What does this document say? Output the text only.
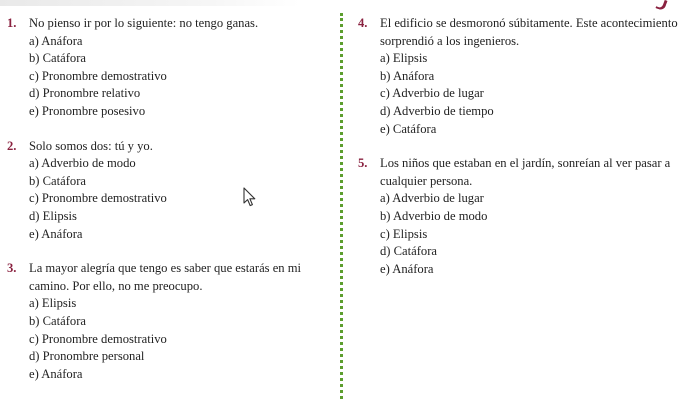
1. No pienso ir por lo siguiente: no tengo ganas.
a) Anáfora
b) Catáfora
c) Pronombre demostrativo
d) Pronombre relativo
e) Pronombre posesivo
2. Solo somos dos: tú y yo.
a) Adverbio de modo
b) Catáfora
c) Pronombre demostrativo
d) Elipsis
e) Anáfora
3. La mayor alegría que tengo es saber que estarás en mi camino. Por ello, no me preocupo.
a) Elipsis
b) Catáfora
c) Pronombre demostrativo
d) Pronombre personal
e) Anáfora
4. El edificio se desmoronó súbitamente. Este acontecimiento sorprendió a los ingenieros.
a) Elipsis
b) Anáfora
c) Adverbio de lugar
d) Adverbio de tiempo
e) Catáfora
5. Los niños que estaban en el jardín, sonreían al ver pasar a cualquier persona.
a) Adverbio de lugar
b) Adverbio de modo
c) Elipsis
d) Catáfora
e) Anáfora
